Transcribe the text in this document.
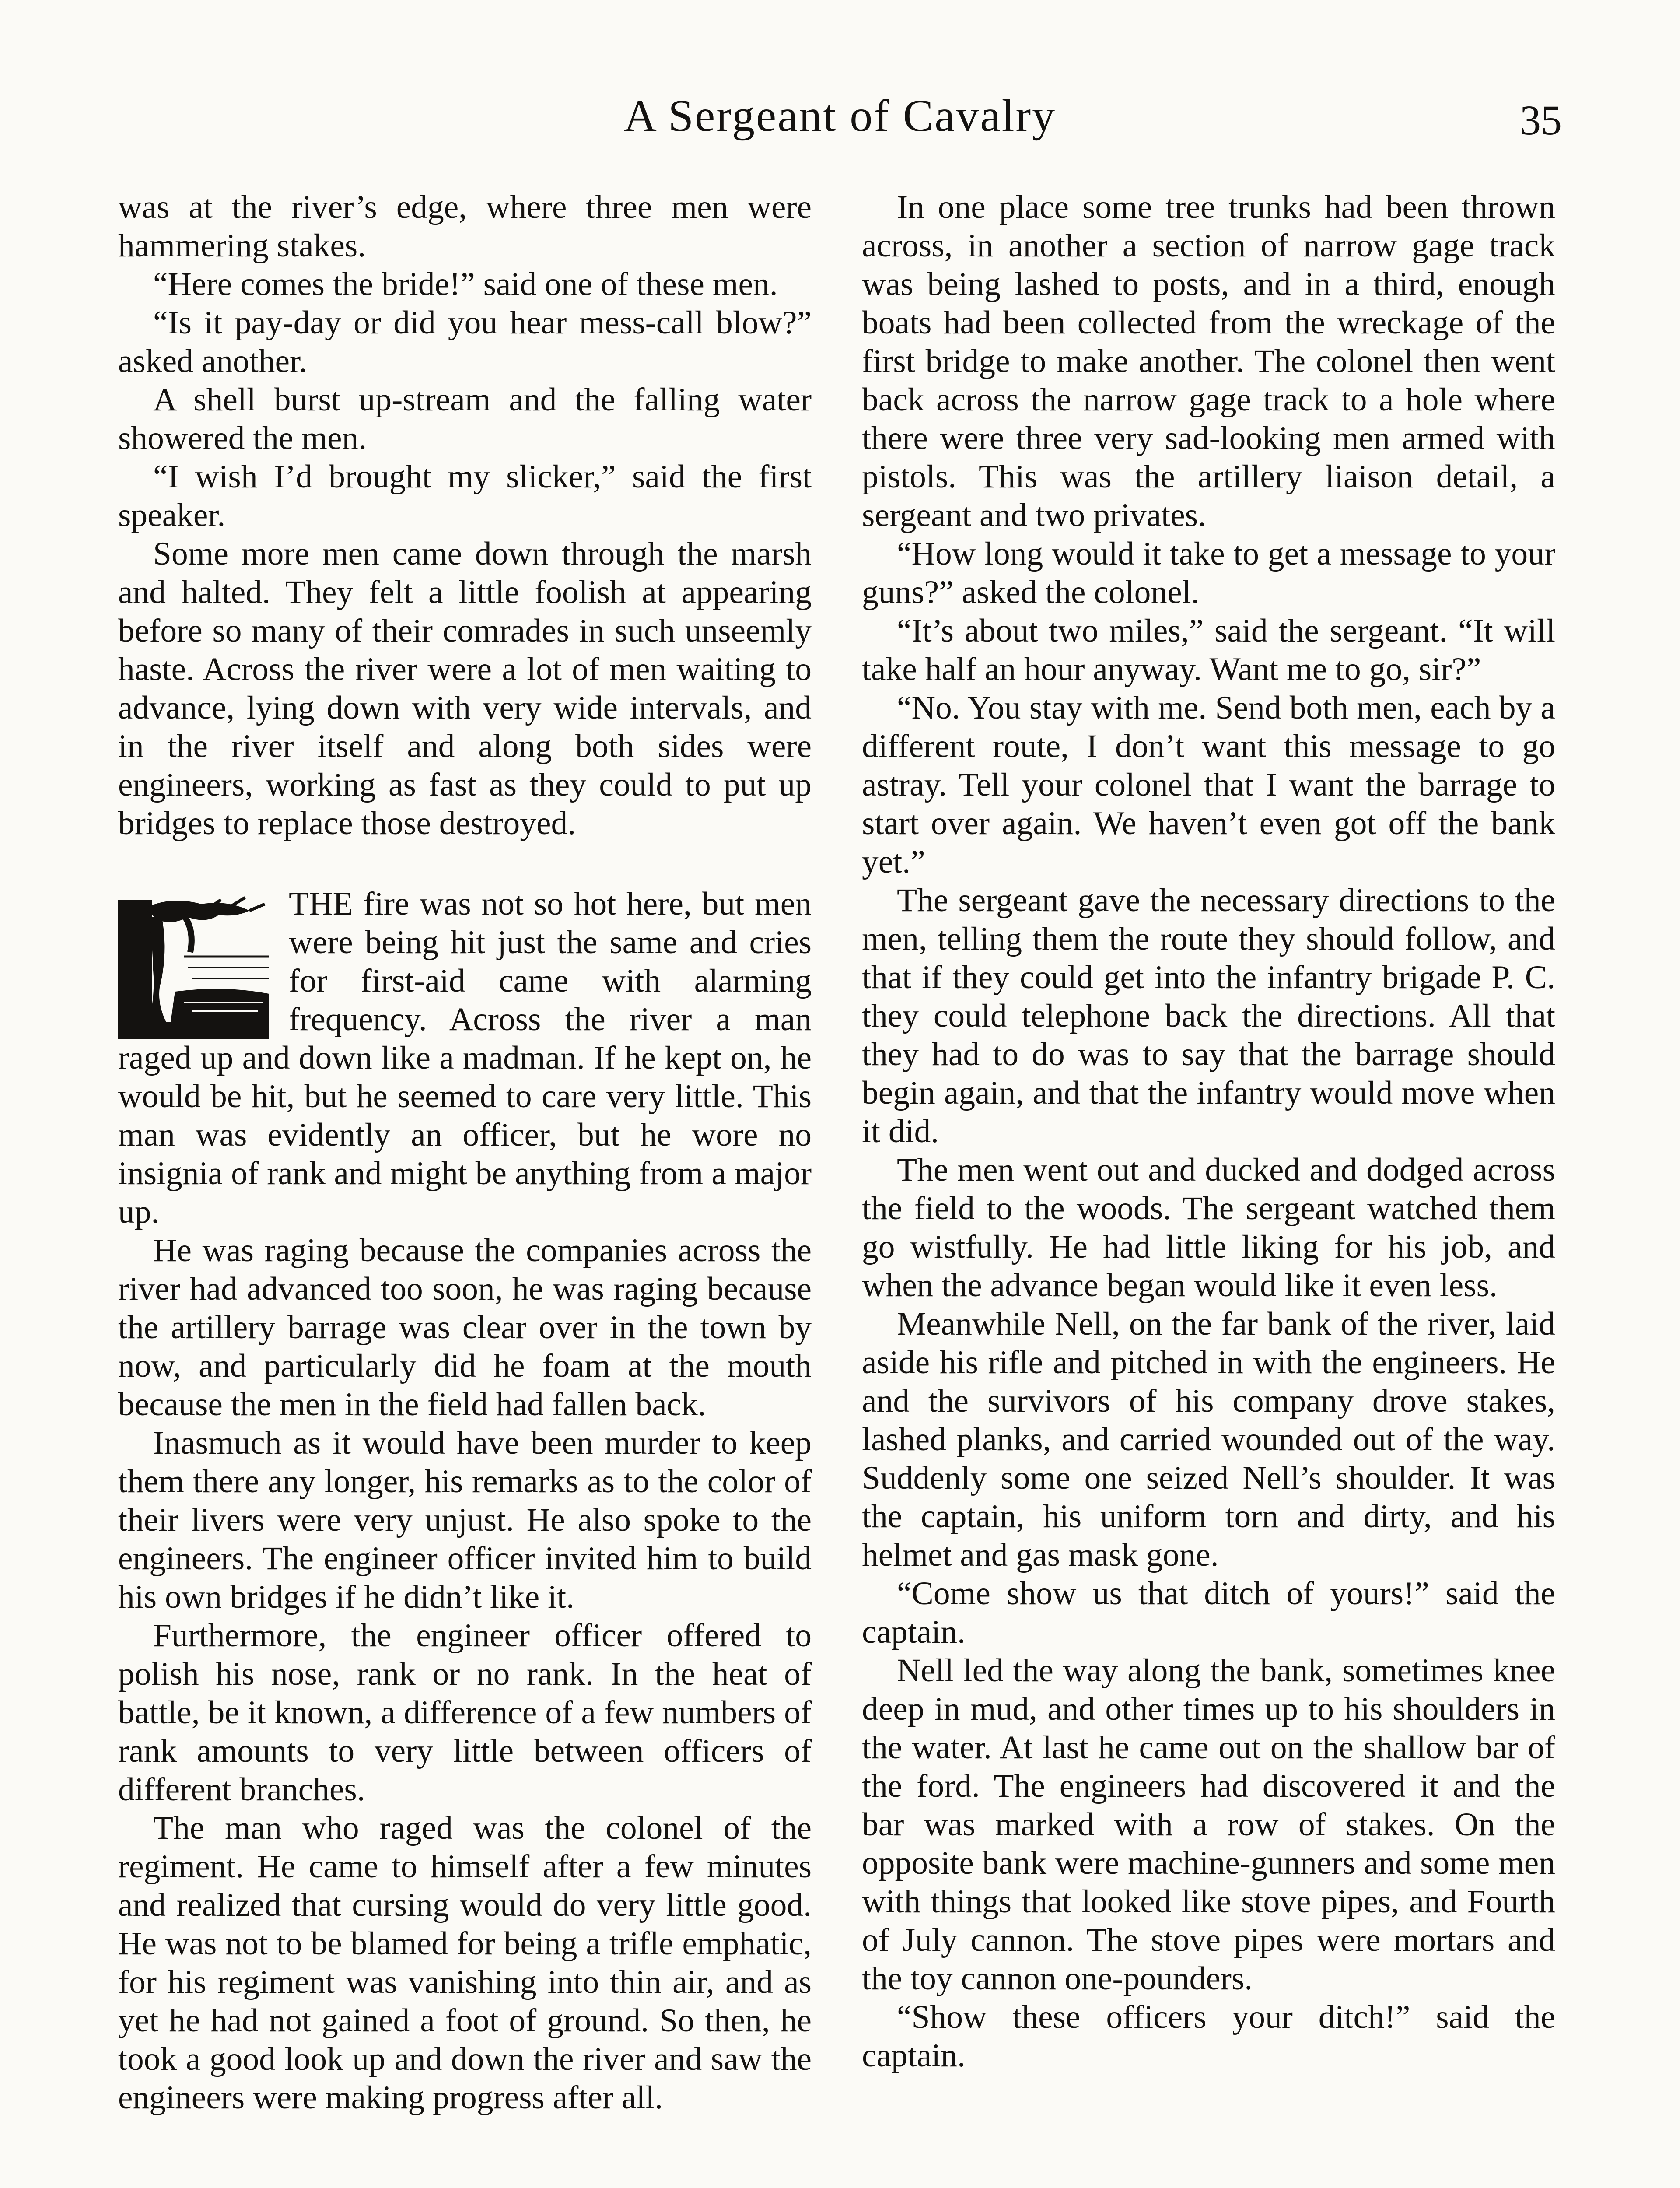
A Sergeant of Cavalry	35

was at the river’s edge, where three men were hammering stakes.

“Here comes the bride!” said one of these men.

“Is it pay-day or did you hear mess-call blow?” asked another.

A shell burst up-stream and the falling water showered the men.

“I wish I’d brought my slicker,” said the first speaker.

Some more men came down through the marsh and halted. They felt a little foolish at appearing before so many of their comrades in such unseemly haste. Across the river were a lot of men waiting to advance, lying down with very wide intervals, and in the river itself and along both sides were engineers, working as fast as they could to put up bridges to replace those destroyed.

THE fire was not so hot here, but men were being hit just the same and cries for first-aid came with alarming frequency. Across the river a man raged up and down like a madman. If he kept on, he would be hit, but he seemed to care very little. This man was evidently an officer, but he wore no insignia of rank and might be anything from a major up.

He was raging because the companies across the river had advanced too soon, he was raging because the artillery barrage was clear over in the town by now, and particularly did he foam at the mouth because the men in the field had fallen back.

Inasmuch as it would have been murder to keep them there any longer, his remarks as to the color of their livers were very unjust. He also spoke to the engineers. The engineer officer invited him to build his own bridges if he didn’t like it.

Furthermore, the engineer officer offered to polish his nose, rank or no rank. In the heat of battle, be it known, a difference of a few numbers of rank amounts to very little between officers of different branches.

The man who raged was the colonel of the regiment. He came to himself after a few minutes and realized that cursing would do very little good. He was not to be blamed for being a trifle emphatic, for his regiment was vanishing into thin air, and as yet he had not gained a foot of ground. So then, he took a good look up and down the river and saw the engineers were making progress after all.

In one place some tree trunks had been thrown across, in another a section of narrow gage track was being lashed to posts, and in a third, enough boats had been collected from the wreckage of the first bridge to make another. The colonel then went back across the narrow gage track to a hole where there were three very sad-looking men armed with pistols. This was the artillery liaison detail, a sergeant and two privates.

“How long would it take to get a message to your guns?” asked the colonel.

“It’s about two miles,” said the sergeant. “It will take half an hour anyway. Want me to go, sir?”

“No. You stay with me. Send both men, each by a different route, I don’t want this message to go astray. Tell your colonel that I want the barrage to start over again. We haven’t even got off the bank yet.”

The sergeant gave the necessary directions to the men, telling them the route they should follow, and that if they could get into the infantry brigade P. C. they could telephone back the directions. All that they had to do was to say that the barrage should begin again, and that the infantry would move when it did.

The men went out and ducked and dodged across the field to the woods. The sergeant watched them go wistfully. He had little liking for his job, and when the advance began would like it even less.

Meanwhile Nell, on the far bank of the river, laid aside his rifle and pitched in with the engineers. He and the survivors of his company drove stakes, lashed planks, and carried wounded out of the way. Suddenly some one seized Nell’s shoulder. It was the captain, his uniform torn and dirty, and his helmet and gas mask gone.

“Come show us that ditch of yours!” said the captain.

Nell led the way along the bank, sometimes knee deep in mud, and other times up to his shoulders in the water. At last he came out on the shallow bar of the ford. The engineers had discovered it and the bar was marked with a row of stakes. On the opposite bank were machine-gunners and some men with things that looked like stove pipes, and Fourth of July cannon. The stove pipes were mortars and the toy cannon one-pounders.

“Show these officers your ditch!” said the captain.
